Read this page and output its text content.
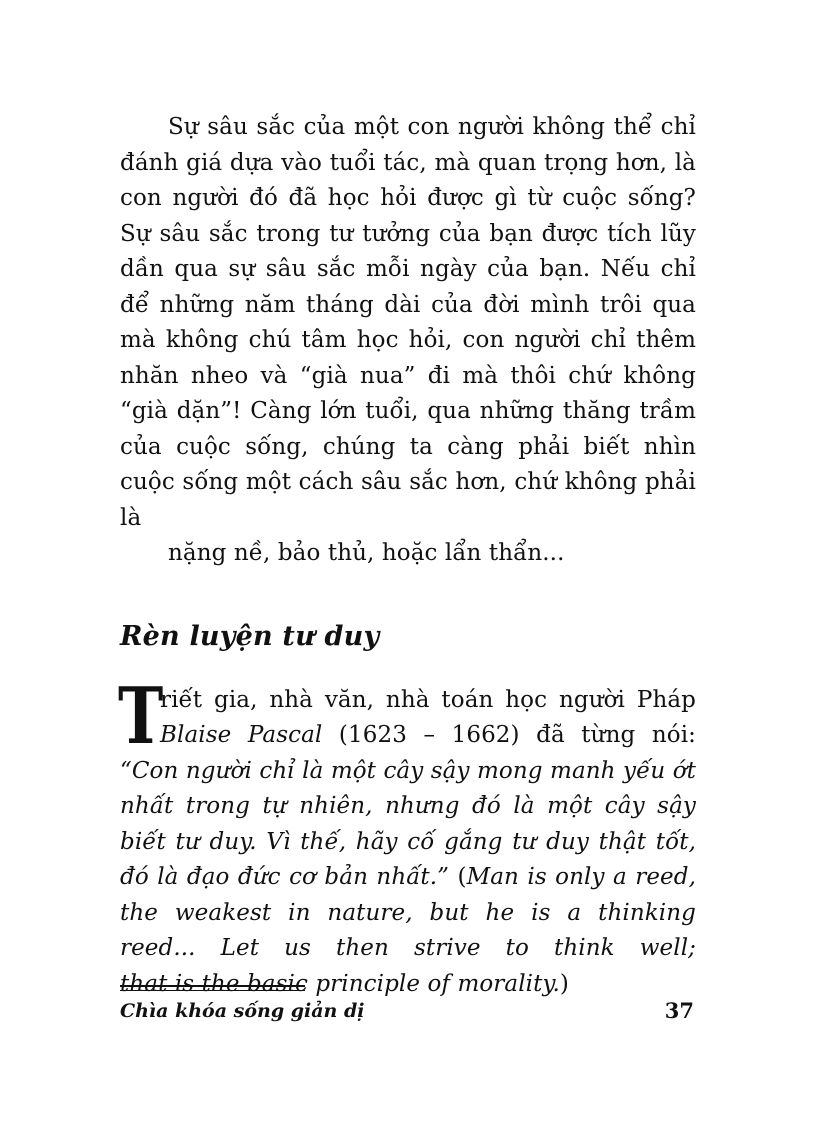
Sự sâu sắc của một con người không thể chỉ đánh giá dựa vào tuổi tác, mà quan trọng hơn, là con người đó đã học hỏi được gì từ cuộc sống? Sự sâu sắc trong tư tưởng của bạn được tích lũy dần qua sự sâu sắc mỗi ngày của bạn. Nếu chỉ để những năm tháng dài của đời mình trôi qua mà không chú tâm học hỏi, con người chỉ thêm nhăn nheo và “già nua” đi mà thôi chứ không “già dặn”! Càng lớn tuổi, qua những thăng trầm của cuộc sống, chúng ta càng phải biết nhìn cuộc sống một cách sâu sắc hơn, chứ không phải là
nặng nề, bảo thủ, hoặc lẩn thẩn...

Rèn luyện tư duy

T
riết gia, nhà văn, nhà toán học người Pháp Blaise Pascal (1623 – 1662) đã từng nói: “Con người chỉ là một cây sậy mong manh yếu ớt nhất trong tự nhiên, nhưng đó là một cây sậy biết tư duy. Vì thế, hãy cố gắng tư duy thật tốt, đó là đạo đức cơ bản nhất.” (Man is only a reed, the weakest in nature, but he is a thinking reed... Let us then strive to think well;
that is the basic principle of morality.)

Chìa khóa sống giản dị	37
